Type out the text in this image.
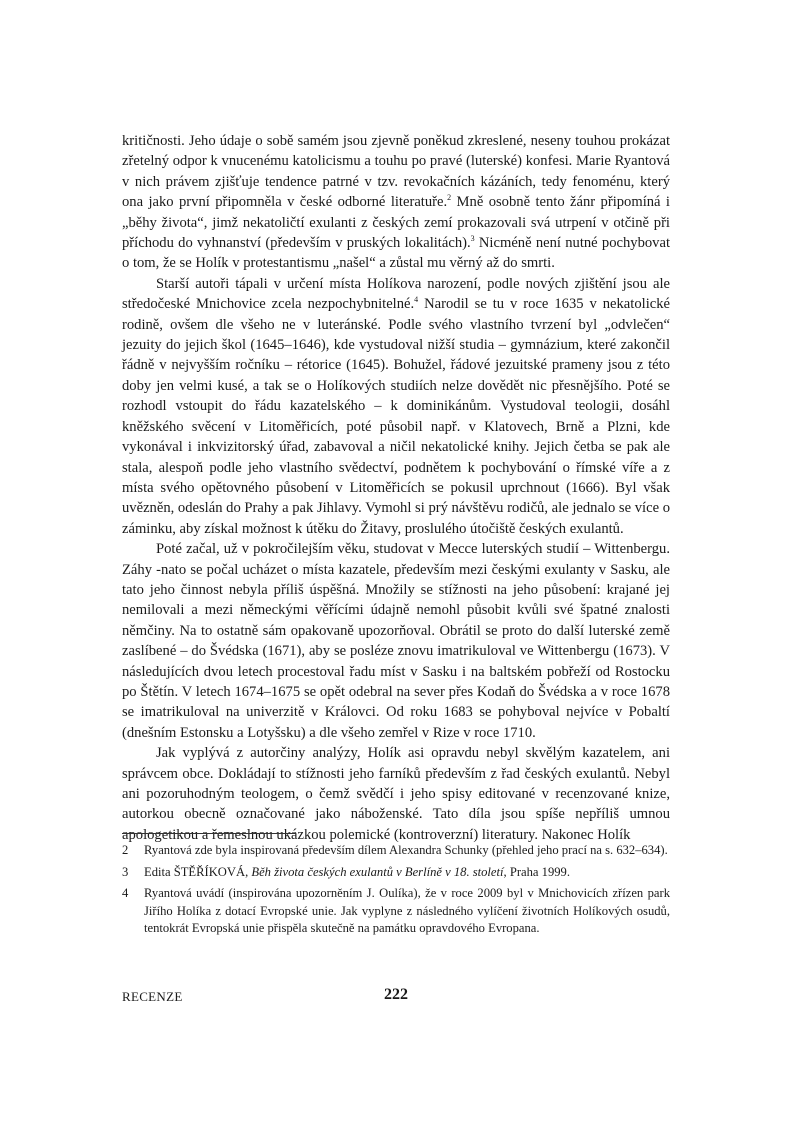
kritičnosti. Jeho údaje o sobě samém jsou zjevně poněkud zkreslené, neseny touhou prokázat zřetelný odpor k vnucenému katolicismu a touhu po pravé (luterské) konfesi. Marie Ryantová v nich právem zjišťuje tendence patrné v tzv. revokačních kázáních, tedy fenoménu, který ona jako první připomněla v české odborné literatuře.$^2$ Mně osobně tento žánr připomíná i „běhy života“, jimž nekatoličtí exulanti z českých zemí prokazovali svá utrpení v otčině při příchodu do vyhnanství (především v pruských lokalitách).$^3$ Nicméně není nutné pochybovat o tom, že se Holík v protestantismu „našel“ a zůstal mu věrný až do smrti.

Starší autoři tápali v určení místa Holíkova narození, podle nových zjištění jsou ale středočeské Mnichovice zcela nezpochybnitelné.$^4$ Narodil se tu v roce 1635 v nekatolické rodině, ovšem dle všeho ne v luteránské. Podle svého vlastního tvrzení byl „odvlečen“ jezuity do jejich škol (1645–1646), kde vystudoval nižší studia – gymnázium, které zakončil řádně v nejvyšším ročníku – rétorice (1645). Bohužel, řádové jezuitské prameny jsou z této doby jen velmi kusé, a tak se o Holíkových studiích nelze dovědět nic přesnějšího. Poté se rozhodl vstoupit do řádu kazatelského – k dominikánům. Vystudoval teologii, dosáhl kněžského svěcení v Litoměřicích, poté působil např. v Klatovech, Brně a Plzni, kde vykonával i inkvizitorský úřad, zabavoval a ničil nekatolické knihy. Jejich četba se pak ale stala, alespoň podle jeho vlastního svědectví, podnětem k pochybování o římské víře a z místa svého opětovného působení v Litoměřicích se pokusil uprchnout (1666). Byl však uvězněn, odeslán do Prahy a pak Jihlavy. Vymohl si prý návštěvu rodičů, ale jednalo se více o záminku, aby získal možnost k útěku do Žitavy, proslulého útočiště českých exulantů.

Poté začal, už v pokročilejším věku, studovat v Mecce luterských studií – Wittenbergu. Záhy -nato se počal ucházet o místa kazatele, především mezi českými exulanty v Sasku, ale tato jeho činnost nebyla příliš úspěšná. Množily se stížnosti na jeho působení: krajané jej nemilovali a mezi německými věřícími údajně nemohl působit kvůli své špatné znalosti němčiny. Na to ostatně sám opakovaně upozorňoval. Obrátil se proto do další luterské země zaslíbené – do Švédska (1671), aby se posléze znovu imatrikuloval ve Wittenbergu (1673). V následujících dvou letech procestoval řadu míst v Sasku i na baltském pobřeží od Rostocku po Štětín. V letech 1674–1675 se opět odebral na sever přes Kodaň do Švédska a v roce 1678 se imatrikuloval na univerzitě v Královci. Od roku 1683 se pohyboval nejvíce v Pobaltí (dnešním Estonsku a Lotyšsku) a dle všeho zemřel v Rize v roce 1710.

Jak vyplývá z autorčiny analýzy, Holík asi opravdu nebyl skvělým kazatelem, ani správcem obce. Dokládají to stížnosti jeho farníků především z řad českých exulantů. Nebyl ani pozoruhodným teologem, o čemž svědčí i jeho spisy editované v recenzované knize, autorkou obecně označované jako náboženské. Tato díla jsou spíše nepříliš umnou apologetikou a řemeslnou ukázkou polemické (kontroverzní) literatury. Nakonec Holík

2	Ryantová zde byla inspirovaná především dílem Alexandra Schunky (přehled jeho prací na s. 632–634).
3	Edita ŠTĚŘÍKOVÁ, Běh života českých exulantů v Berlíně v 18. století, Praha 1999.
4	Ryantová uvádí (inspirována upozorněním J. Oulíka), že v roce 2009 byl v Mnichovicích zřízen park Jiřího Holíka z dotací Evropské unie. Jak vyplyne z následného vylíčení životních Holíkových osudů, tentokrát Evropská unie přispěla skutečně na památku opravdového Evropana.
RECENZE	222
